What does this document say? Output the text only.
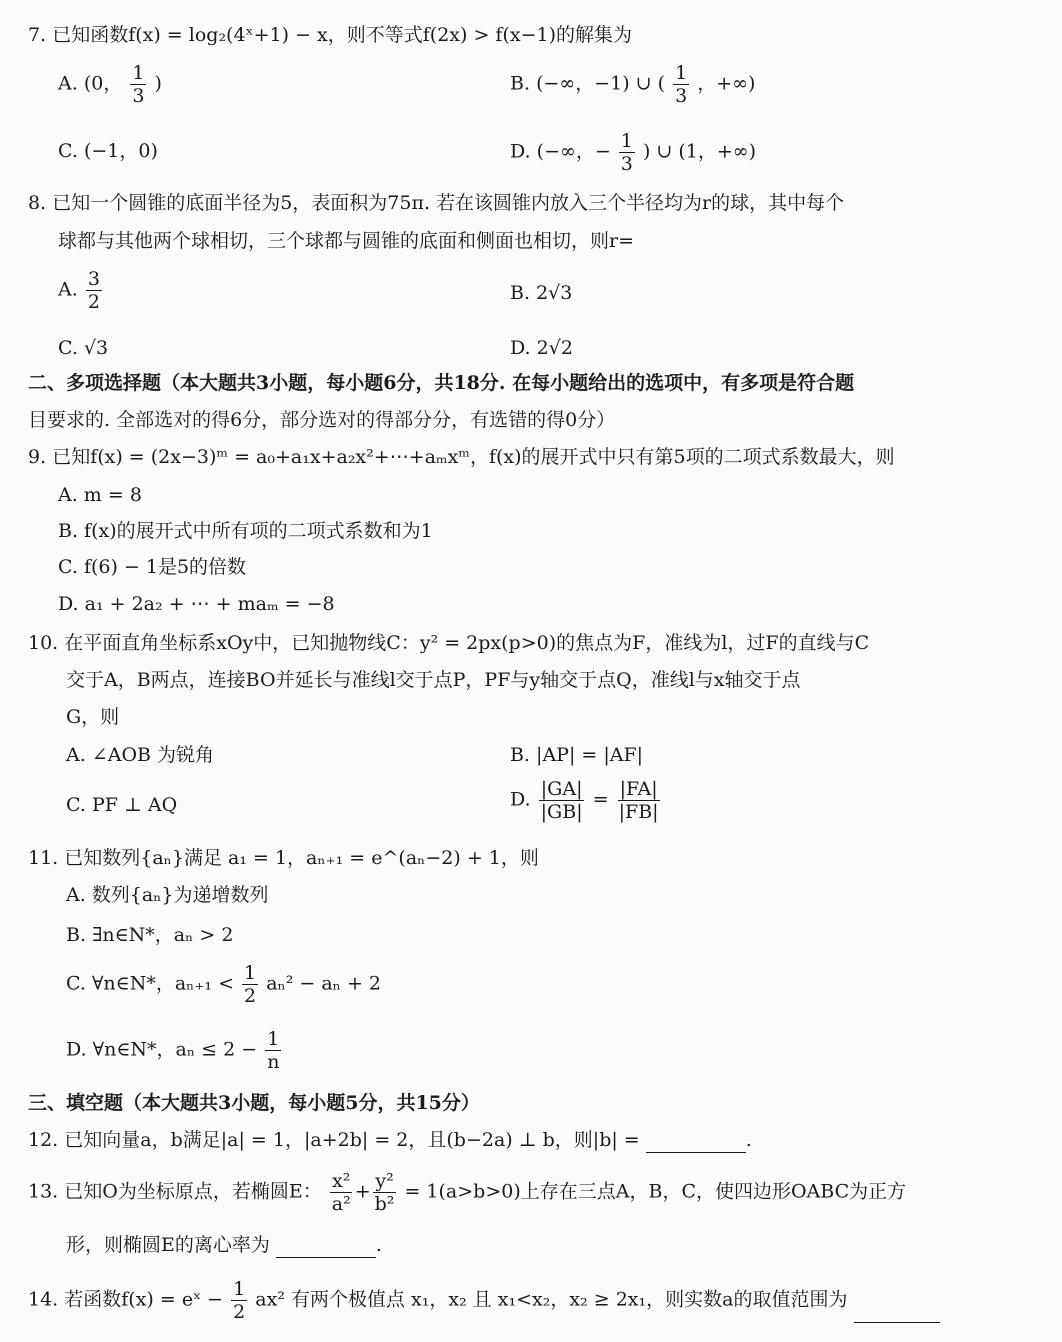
7. 已知函数f(x) = log₂(4ˣ+1) − x，则不等式f(2x) > f(x−1)的解集为
A. (0， $\frac{1}{3}$ )	B. (−∞，−1) ∪ ( $\frac{1}{3}$ ，+∞)
C. (−1，0)	D. (−∞，− $\frac{1}{3}$ ) ∪ (1，+∞)
8. 已知一个圆锥的底面半径为5，表面积为75π. 若在该圆锥内放入三个半径均为r的球，其中每个
球都与其他两个球相切，三个球都与圆锥的底面和侧面也相切，则r=
A. $\frac{3}{2}$	B. 2√3
C. √3	D. 2√2
二、多项选择题（本大题共3小题，每小题6分，共18分. 在每小题给出的选项中，有多项是符合题
目要求的. 全部选对的得6分，部分选对的得部分分，有选错的得0分）
9. 已知f(x) = (2x−3)ᵐ = a₀+a₁x+a₂x²+⋯+aₘxᵐ，f(x)的展开式中只有第5项的二项式系数最大，则
A. m = 8
B. f(x)的展开式中所有项的二项式系数和为1
C. f(6) − 1是5的倍数
D. a₁ + 2a₂ + ⋯ + maₘ = −8
10. 在平面直角坐标系xOy中，已知抛物线C：y² = 2px(p>0)的焦点为F，准线为l，过F的直线与C
交于A，B两点，连接BO并延长与准线l交于点P，PF与y轴交于点Q，准线l与x轴交于点
G，则
A. ∠AOB 为锐角	B. |AP| = |AF|
C. PF ⊥ AQ	D. $\frac{|GA|}{|GB|} = \frac{|FA|}{|FB|}$
11. 已知数列{aₙ}满足 a₁ = 1，aₙ₊₁ = e^(aₙ−2) + 1，则
A. 数列{aₙ}为递增数列
B. ∃n∈N*，aₙ > 2
C. ∀n∈N*，$a_{n+1} < \frac{1}{2} a_n^2 - a_n + 2$
D. ∀n∈N*，$a_n \le 2 - \frac{1}{n}$
三、填空题（本大题共3小题，每小题5分，共15分）
12. 已知向量a，b满足|a| = 1，|a+2b| = 2，且(b−2a) ⊥ b，则|b| =	.
13. 已知O为坐标原点，若椭圆E： $\frac{\text{x²}}{\text{a²}} + \frac{\text{y²}}{\text{b²}} = 1(a>b>0)$上存在三点A，B，C，使四边形OABC为正方
形，则椭圆E的离心率为	.
14. 若函数f(x) = eˣ − $\frac{1}{2} ax^2$ 有两个极值点 x₁，x₂ 且 x₁<x₂，x₂ ≥ 2x₁，则实数a的取值范围为
